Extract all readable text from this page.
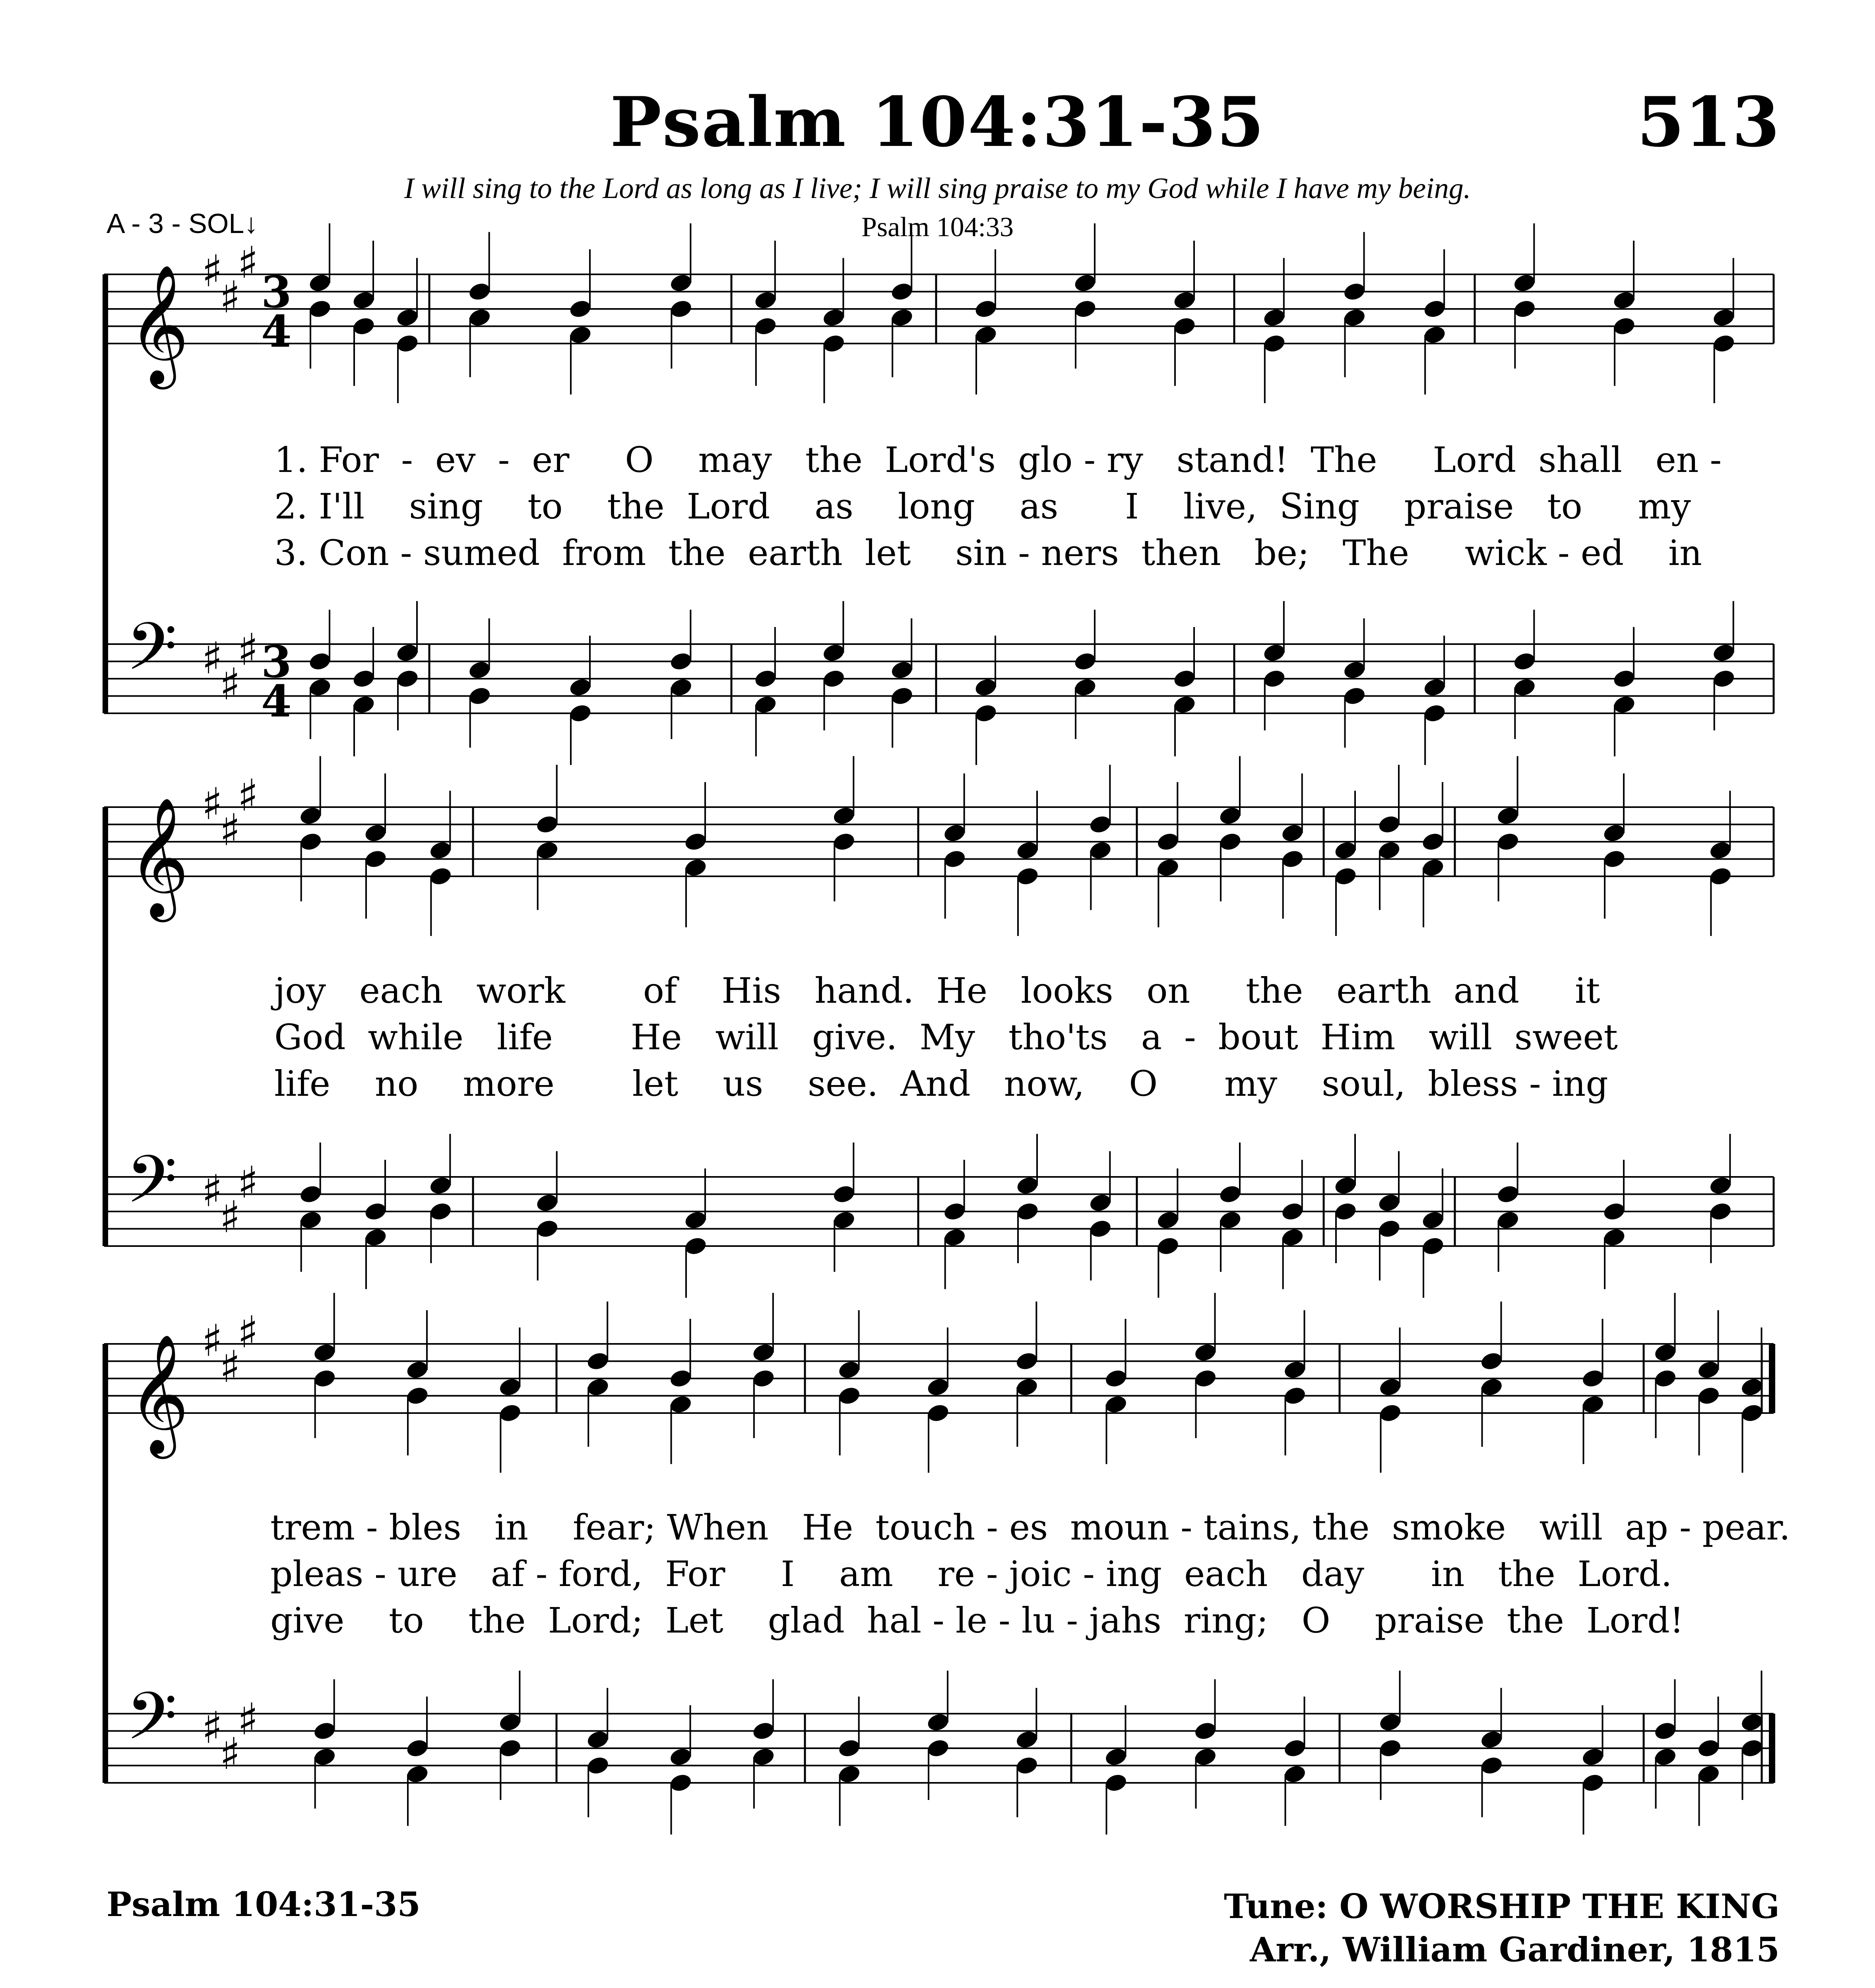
Psalm 104:31-35	513
I will sing to the Lord as long as I live; I will sing praise to my God while I have my being.
Psalm 104:33
A - 3 - SOL↓
𝄞 ♯
♯
♯
3
4
𝄢 ♯
♯
♯ 3
4
𝄞 ♯
♯
♯
𝄢 ♯
♯
♯
𝄞 ♯
♯
♯
𝄢 ♯
♯
♯
1. For  -  ev  -  er     O    may   the  Lord's  glo - ry   stand!  The     Lord  shall   en -
2. I'll    sing    to    the  Lord    as    long    as      I    live,  Sing    praise   to     my
3. Con - sumed  from  the  earth  let    sin - ners  then   be;   The     wick - ed    in
joy   each   work       of    His   hand.  He   looks   on     the   earth  and     it
God  while   life       He   will   give.  My   tho'ts   a  -  bout  Him   will  sweet
life    no    more       let    us    see.  And   now,    O      my    soul,  bless - ing
trem - bles   in    fear; When   He  touch - es  moun - tains, the  smoke   will  ap - pear.
pleas - ure   af - ford,  For     I    am    re - joic - ing  each   day      in   the  Lord.
give    to    the  Lord;  Let    glad  hal - le - lu - jahs  ring;   O    praise  the  Lord!
Psalm 104:31-35	Tune: O WORSHIP THE KING
Arr., William Gardiner, 1815
